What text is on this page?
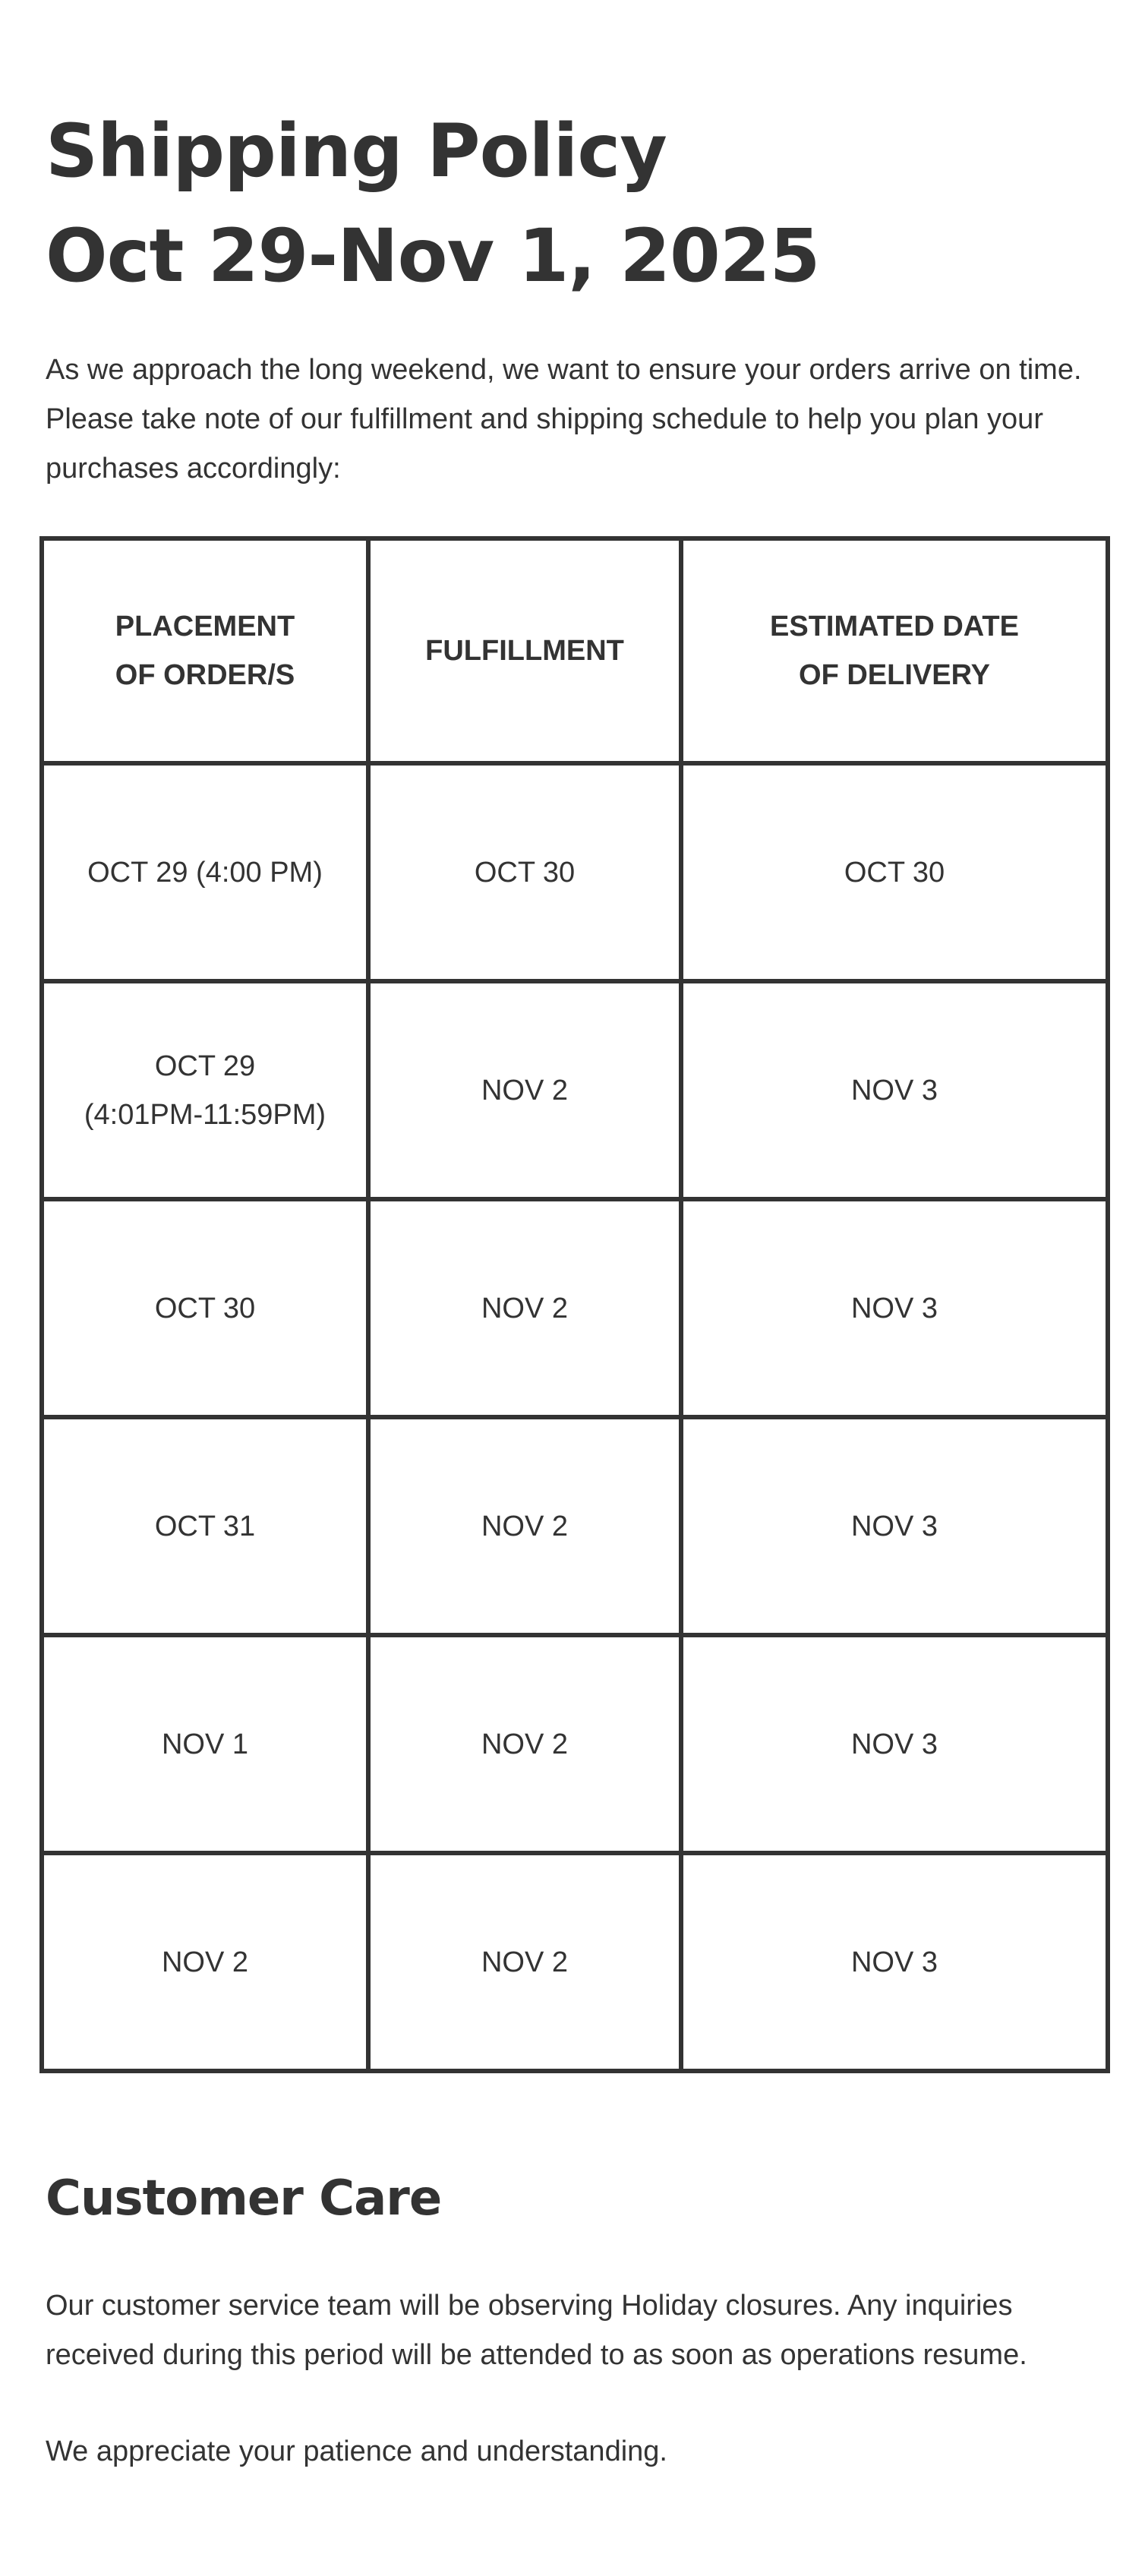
Shipping Policy
Oct 29-Nov 1, 2025

As we approach the long weekend, we want to ensure your orders arrive on time. Please take note of our fulfillment and shipping schedule to help you plan your purchases accordingly:

PLACEMENT
OF ORDER/S	FULFILLMENT	ESTIMATED DATE
OF DELIVERY

OCT 29 (4:00 PM)	OCT 30	OCT 30

OCT 29
(4:01PM-11:59PM)	NOV 2	NOV 3

OCT 30	NOV 2	NOV 3

OCT 31	NOV 2	NOV 3

NOV 1	NOV 2	NOV 3

NOV 2	NOV 2	NOV 3
Customer Care

Our customer service team will be observing Holiday closures. Any inquiries received during this period will be attended to as soon as operations resume.

We appreciate your patience and understanding.
